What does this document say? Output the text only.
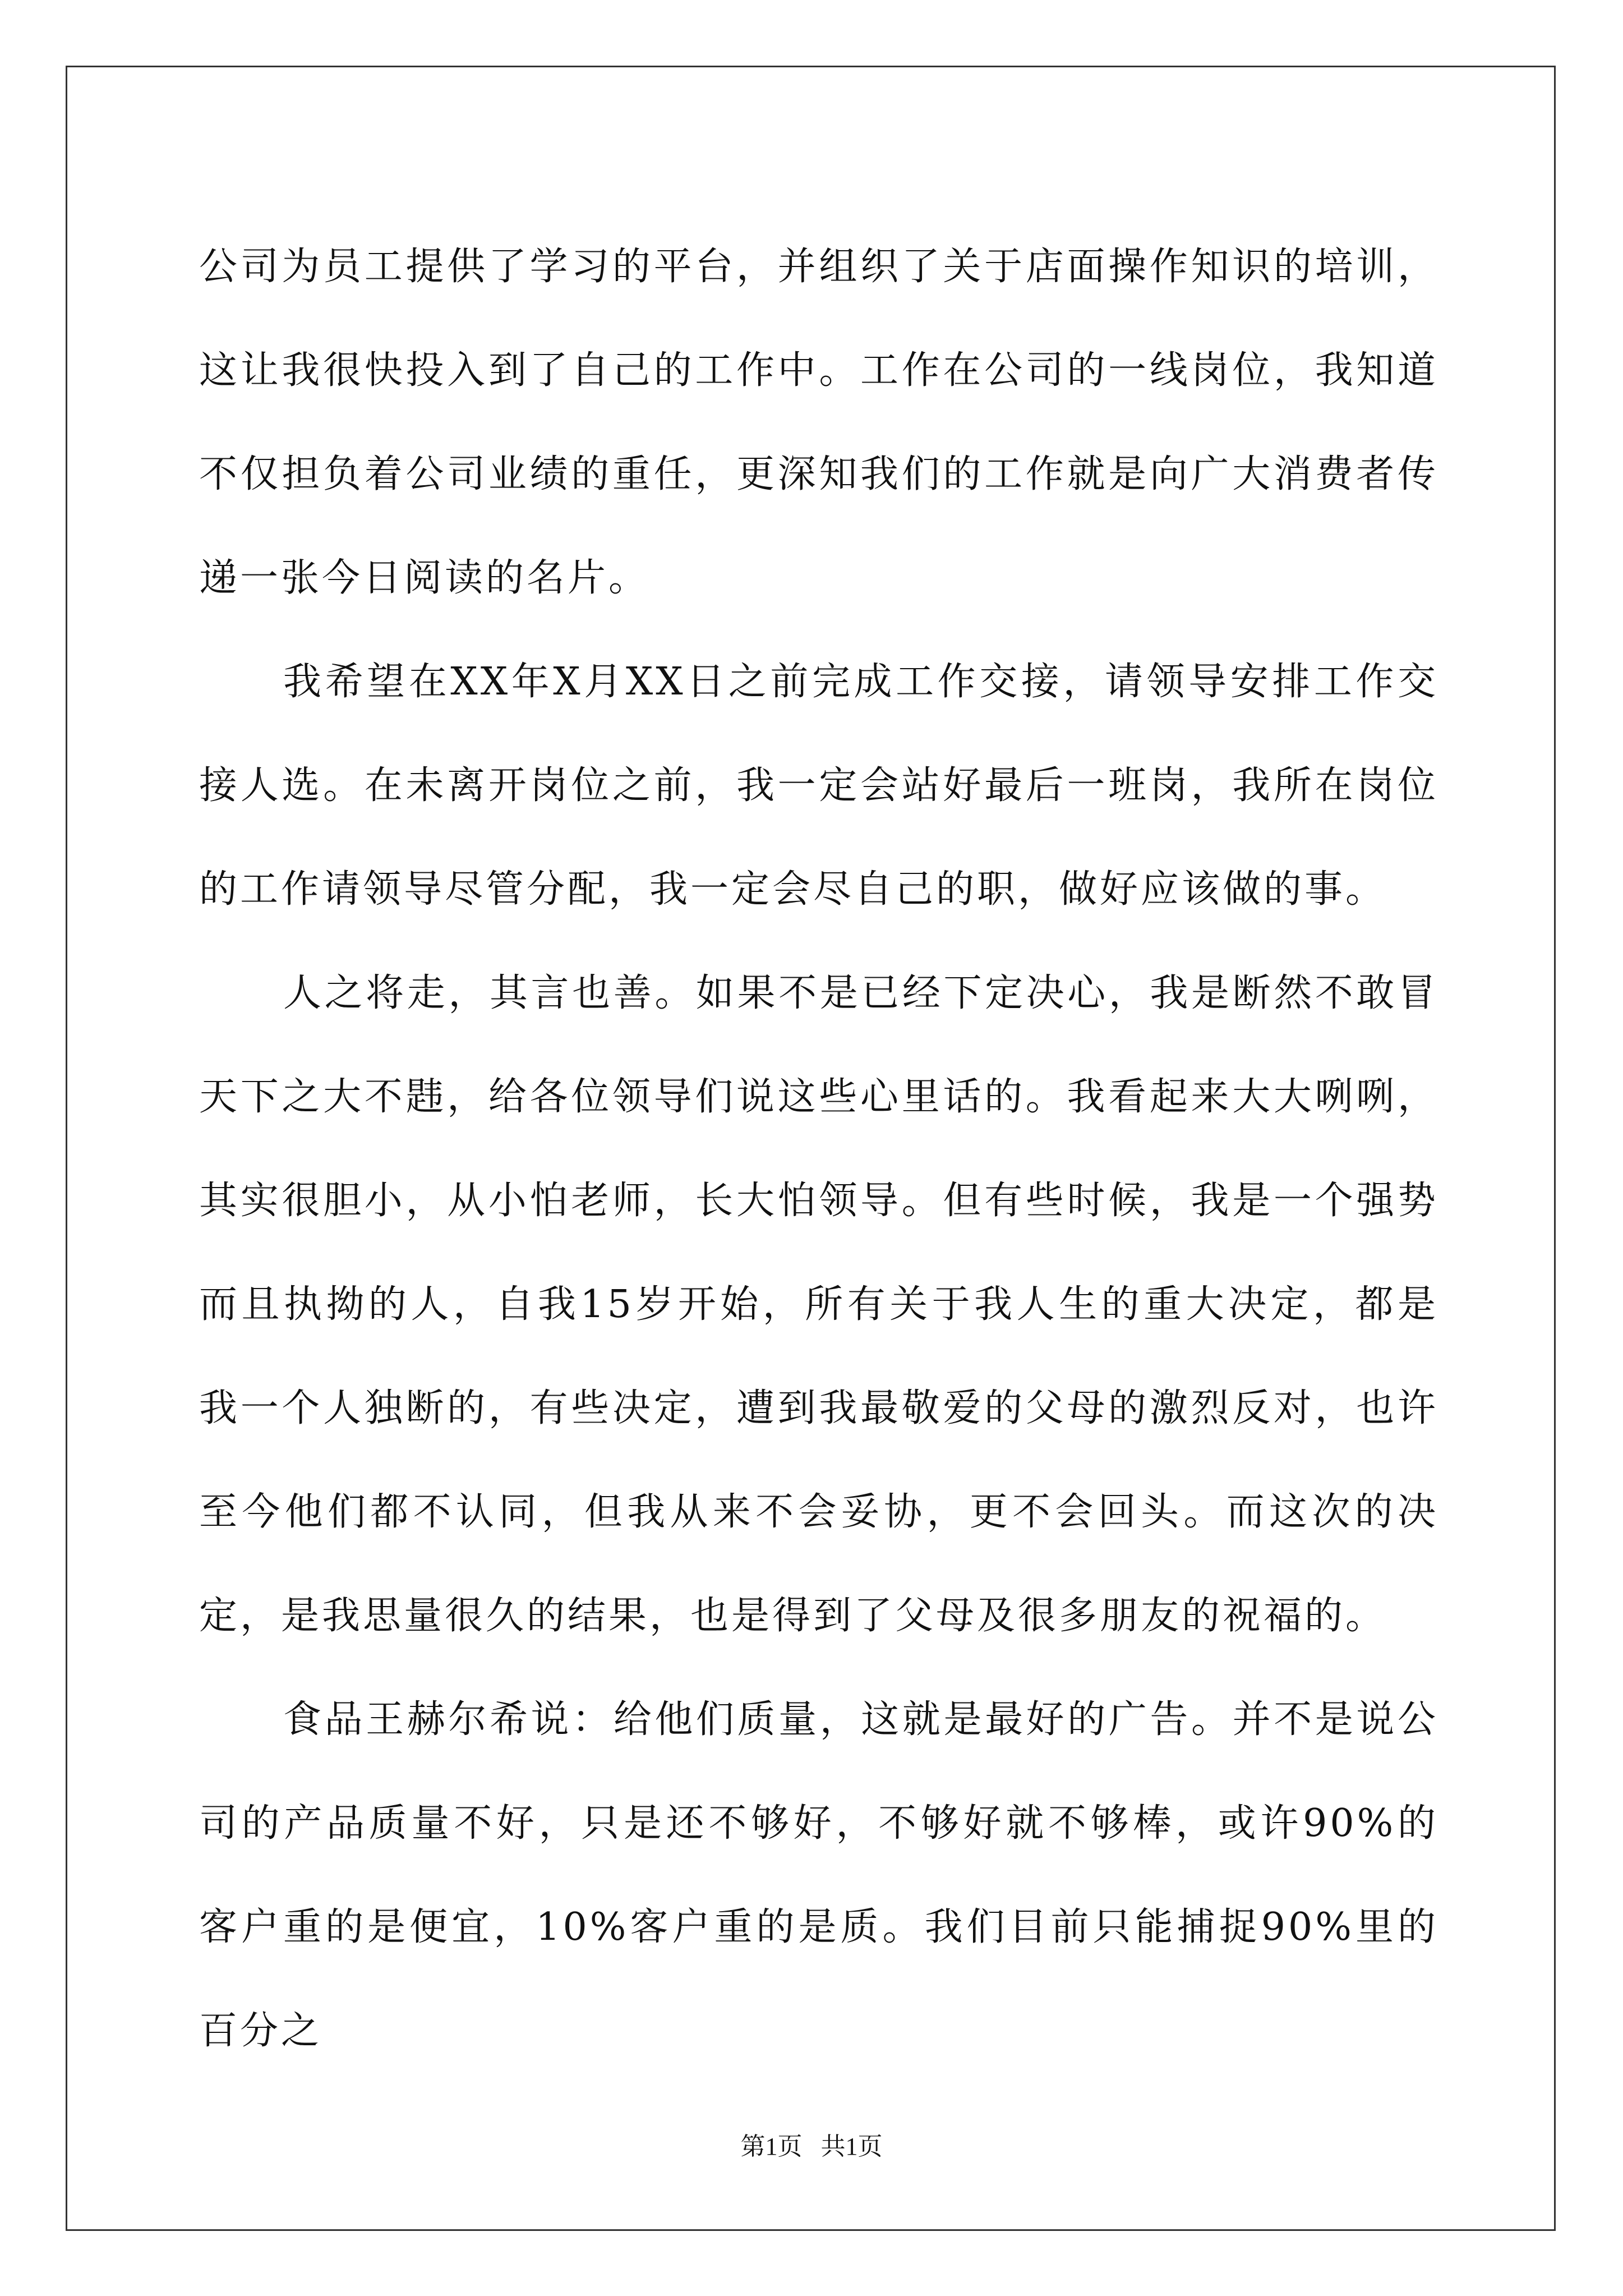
公司为员工提供了学习的平台，并组织了关于店面操作知识的培训，这让我很快投入到了自己的工作中。工作在公司的一线岗位，我知道不仅担负着公司业绩的重任，更深知我们的工作就是向广大消费者传递一张今日阅读的名片。

我希望在XX年X月XX日之前完成工作交接，请领导安排工作交接人选。在未离开岗位之前，我一定会站好最后一班岗，我所在岗位的工作请领导尽管分配，我一定会尽自己的职，做好应该做的事。

人之将走，其言也善。如果不是已经下定决心，我是断然不敢冒天下之大不韪，给各位领导们说这些心里话的。我看起来大大咧咧，其实很胆小，从小怕老师，长大怕领导。但有些时候，我是一个强势而且执拗的人，自我15岁开始，所有关于我人生的重大决定，都是我一个人独断的，有些决定，遭到我最敬爱的父母的激烈反对，也许至今他们都不认同，但我从来不会妥协，更不会回头。而这次的决定，是我思量很久的结果，也是得到了父母及很多朋友的祝福的。

食品王赫尔希说：给他们质量，这就是最好的广告。并不是说公司的产品质量不好，只是还不够好，不够好就不够棒，或许90%的客户重的是便宜，10%客户重的是质。我们目前只能捕捉90%里的百分之

第1页   共1页
